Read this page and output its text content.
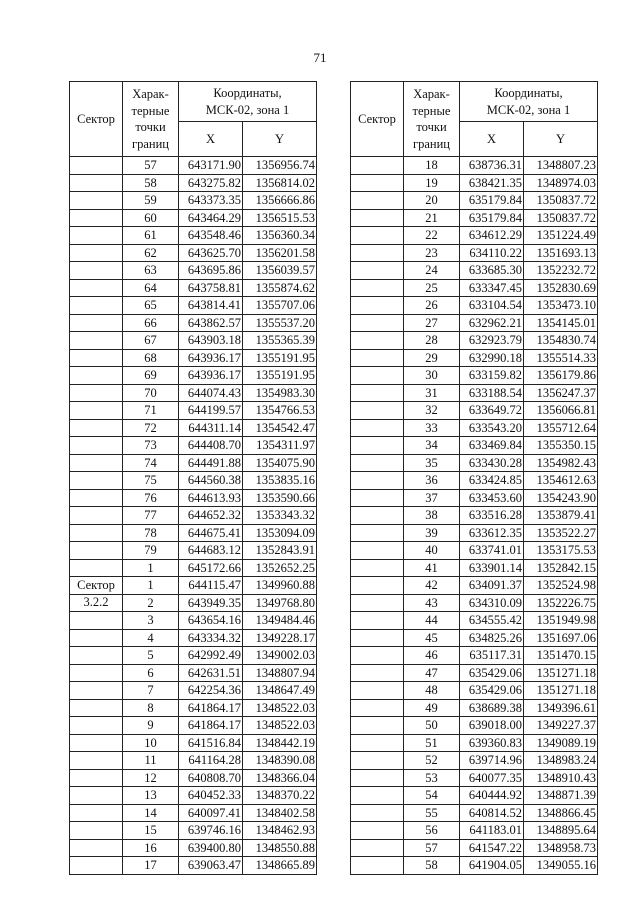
71
Сектор	Харак-
терные
точки
границ	Координаты,
МСК-02, зона 1	
		X	Y
	57	643171.90	1356956.74
	58	643275.82	1356814.02
	59	643373.35	1356666.86
	60	643464.29	1356515.53
	61	643548.46	1356360.34
	62	643625.70	1356201.58
	63	643695.86	1356039.57
	64	643758.81	1355874.62
	65	643814.41	1355707.06
	66	643862.57	1355537.20
	67	643903.18	1355365.39
	68	643936.17	1355191.95
	69	643936.17	1355191.95
	70	644074.43	1354983.30
	71	644199.57	1354766.53
	72	644311.14	1354542.47
	73	644408.70	1354311.97
	74	644491.88	1354075.90
	75	644560.38	1353835.16
	76	644613.93	1353590.66
	77	644652.32	1353343.32
	78	644675.41	1353094.09
	79	644683.12	1352843.91
	1	645172.66	1352652.25

Сектор 3.2.2	1	644115.47	1349960.88
	2	643949.35	1349768.80
	3	643654.16	1349484.46
	4	643334.32	1349228.17
	5	642992.49	1349002.03
	6	642631.51	1348807.94
	7	642254.36	1348647.49
	8	641864.17	1348522.03
	9	641864.17	1348522.03
	10	641516.84	1348442.19
	11	641164.28	1348390.08
	12	640808.70	1348366.04
	13	640452.33	1348370.22
	14	640097.41	1348402.58
	15	639746.16	1348462.93
	16	639400.80	1348550.88
	17	639063.47	1348665.89
Сектор	Харак-
терные
точки
границ	Координаты,
МСК-02, зона 1	
		X	Y
	18	638736.31	1348807.23
	19	638421.35	1348974.03
	20	635179.84	1350837.72
	21	635179.84	1350837.72
	22	634612.29	1351224.49
	23	634110.22	1351693.13
	24	633685.30	1352232.72
	25	633347.45	1352830.69
	26	633104.54	1353473.10
	27	632962.21	1354145.01
	28	632923.79	1354830.74
	29	632990.18	1355514.33
	30	633159.82	1356179.86
	31	633188.54	1356247.37
	32	633649.72	1356066.81
	33	633543.20	1355712.64
	34	633469.84	1355350.15
	35	633430.28	1354982.43
	36	633424.85	1354612.63
	37	633453.60	1354243.90
	38	633516.28	1353879.41
	39	633612.35	1353522.27
	40	633741.01	1353175.53
	41	633901.14	1352842.15
	42	634091.37	1352524.98
	43	634310.09	1352226.75
	44	634555.42	1351949.98
	45	634825.26	1351697.06
	46	635117.31	1351470.15
	47	635429.06	1351271.18
	48	635429.06	1351271.18
	49	638689.38	1349396.61
	50	639018.00	1349227.37
	51	639360.83	1349089.19
	52	639714.96	1348983.24
	53	640077.35	1348910.43
	54	640444.92	1348871.39
	55	640814.52	1348866.45
	56	641183.01	1348895.64
	57	641547.22	1348958.73
	58	641904.05	1349055.16
